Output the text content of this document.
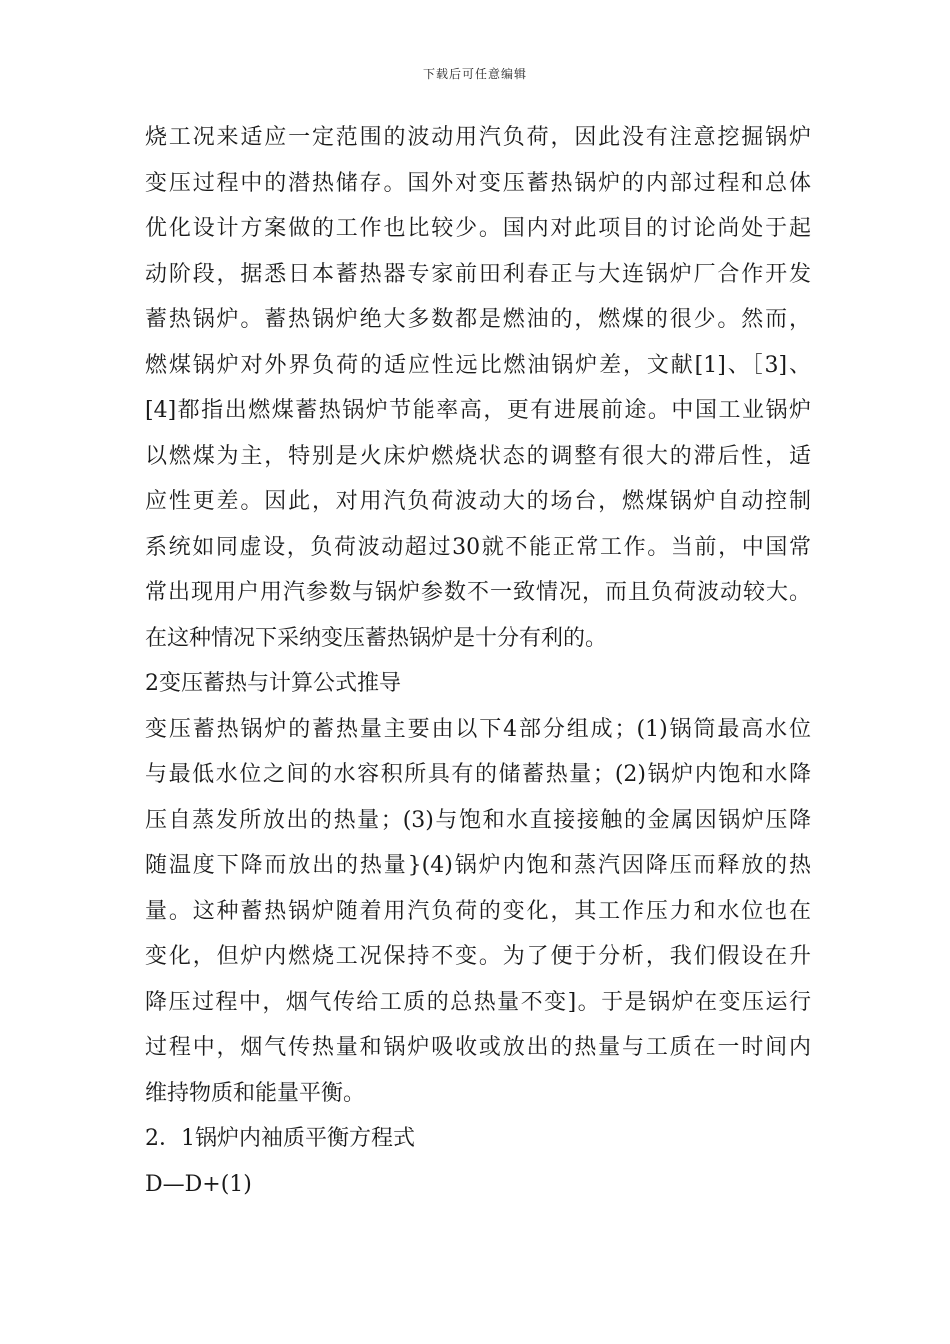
下载后可任意编辑
烧工况来适应一定范围的波动用汽负荷，因此没有注意挖掘锅炉
变压过程中的潜热储存。国外对变压蓄热锅炉的内部过程和总体
优化设计方案做的工作也比较少。国内对此项目的讨论尚处于起
动阶段，据悉日本蓄热器专家前田利春正与大连锅炉厂合作开发
蓄热锅炉。蓄热锅炉绝大多数都是燃油的，燃煤的很少。然而，
燃煤锅炉对外界负荷的适应性远比燃油锅炉差，文献[1]、［3]、
[4]都指出燃煤蓄热锅炉节能率高，更有进展前途。中国工业锅炉
以燃煤为主，特别是火床炉燃烧状态的调整有很大的滞后性，适
应性更差。因此，对用汽负荷波动大的场台，燃煤锅炉自动控制
系统如同虚设，负荷波动超过30就不能正常工作。当前，中国常
常出现用户用汽参数与锅炉参数不一致情况，而且负荷波动较大。
在这种情况下采纳变压蓄热锅炉是十分有利的。
2变压蓄热与计算公式推导
变压蓄热锅炉的蓄热量主要由以下4部分组成；(1)锅筒最高水位
与最低水位之间的水容积所具有的储蓄热量；(2)锅炉内饱和水降
压自蒸发所放出的热量；(3)与饱和水直接接触的金属因锅炉压降
随温度下降而放出的热量}(4)锅炉内饱和蒸汽因降压而释放的热
量。这种蓄热锅炉随着用汽负荷的变化，其工作压力和水位也在
变化，但炉内燃烧工况保持不变。为了便于分析，我们假设在升
降压过程中，烟气传给工质的总热量不变]。于是锅炉在变压运行
过程中，烟气传热量和锅炉吸收或放出的热量与工质在一时间内
维持物质和能量平衡。
2．1锅炉内袖质平衡方程式
D—D+(1)
